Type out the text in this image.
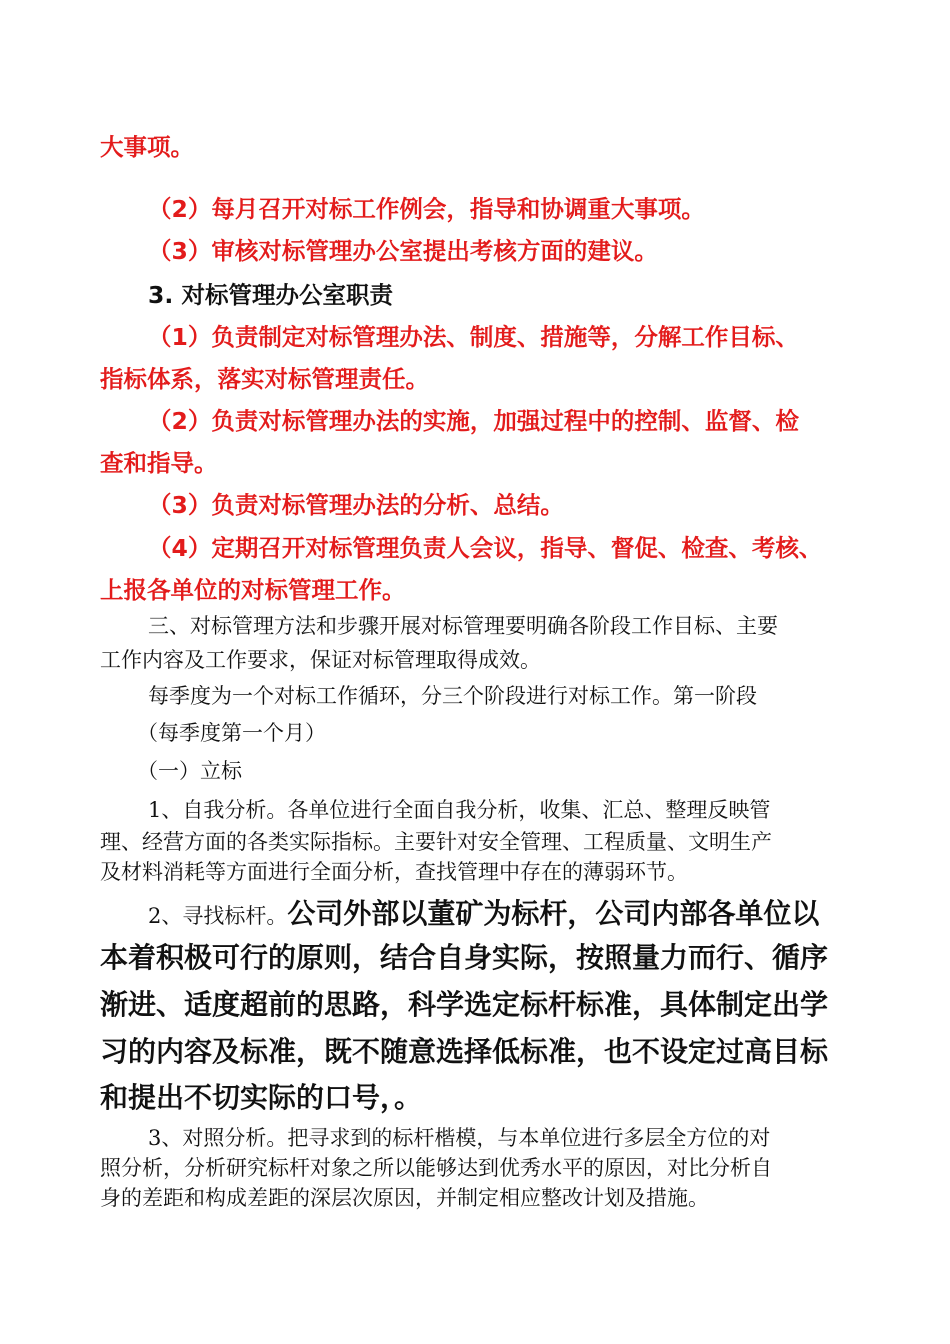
大事项。

（2）每月召开对标工作例会，指导和协调重大事项。

（3）审核对标管理办公室提出考核方面的建议。

3. 对标管理办公室职责

（1）负责制定对标管理办法、制度、措施等，分解工作目标、

指标体系，落实对标管理责任。

（2）负责对标管理办法的实施，加强过程中的控制、监督、检

查和指导。

（3）负责对标管理办法的分析、总结。

（4）定期召开对标管理负责人会议，指导、督促、检查、考核、

上报各单位的对标管理工作。

三、对标管理方法和步骤开展对标管理要明确各阶段工作目标、主要

工作内容及工作要求，保证对标管理取得成效。

每季度为一个对标工作循环，分三个阶段进行对标工作。第一阶段

（每季度第一个月）

（一）立标

1、自我分析。各单位进行全面自我分析，收集、汇总、整理反映管

理、经营方面的各类实际指标。主要针对安全管理、工程质量、文明生产

及材料消耗等方面进行全面分析，查找管理中存在的薄弱环节。

2、寻找标杆。公司外部以董矿为标杆，公司内部各单位以

本着积极可行的原则，结合自身实际，按照量力而行、循序

渐进、适度超前的思路，科学选定标杆标准，具体制定出学

习的内容及标准，既不随意选择低标准，也不设定过高目标

和提出不切实际的口号，。

3、对照分析。把寻求到的标杆楷模，与本单位进行多层全方位的对

照分析，分析研究标杆对象之所以能够达到优秀水平的原因，对比分析自

身的差距和构成差距的深层次原因，并制定相应整改计划及措施。
